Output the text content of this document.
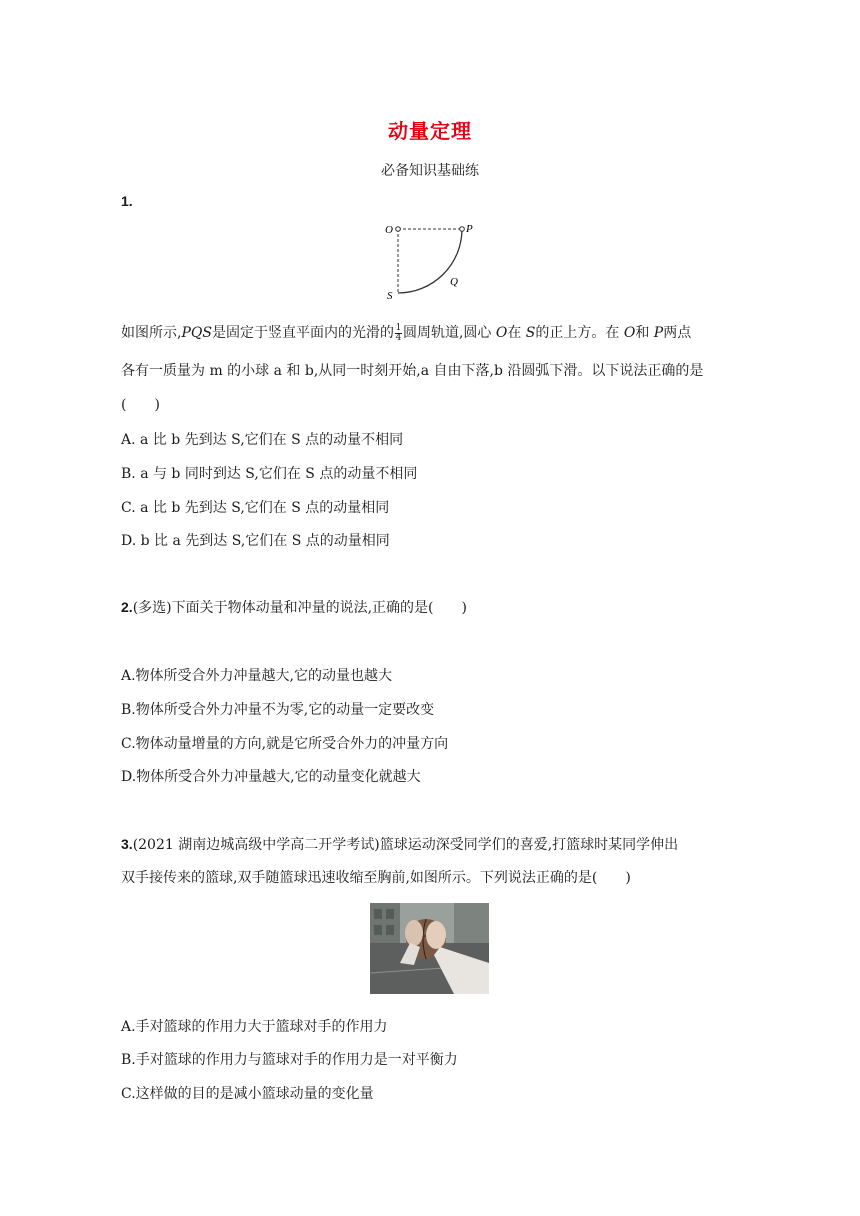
动量定理
必备知识基础练
1.
O	P
Q
S
如图所示,PQS是固定于竖直平面内的光滑的 $\frac{1}{4}$ 圆周轨道,圆心 O在 S的正上方。在 O和 P两点
各有一质量为 m 的小球 a 和 b,从同一时刻开始,a 自由下落,b 沿圆弧下滑。以下说法正确的是
(　　)
A. a 比 b 先到达 S,它们在 S 点的动量不相同
B. a 与 b 同时到达 S,它们在 S 点的动量不相同
C. a 比 b 先到达 S,它们在 S 点的动量相同
D. b 比 a 先到达 S,它们在 S 点的动量相同
2.(多选)下面关于物体动量和冲量的说法,正确的是(　　)
A.物体所受合外力冲量越大,它的动量也越大
B.物体所受合外力冲量不为零,它的动量一定要改变
C.物体动量增量的方向,就是它所受合外力的冲量方向
D.物体所受合外力冲量越大,它的动量变化就越大
3.(2021 湖南边城高级中学高二开学考试)篮球运动深受同学们的喜爱,打篮球时某同学伸出
双手接传来的篮球,双手随篮球迅速收缩至胸前,如图所示。下列说法正确的是(　　)
A.手对篮球的作用力大于篮球对手的作用力
B.手对篮球的作用力与篮球对手的作用力是一对平衡力
C.这样做的目的是减小篮球动量的变化量
